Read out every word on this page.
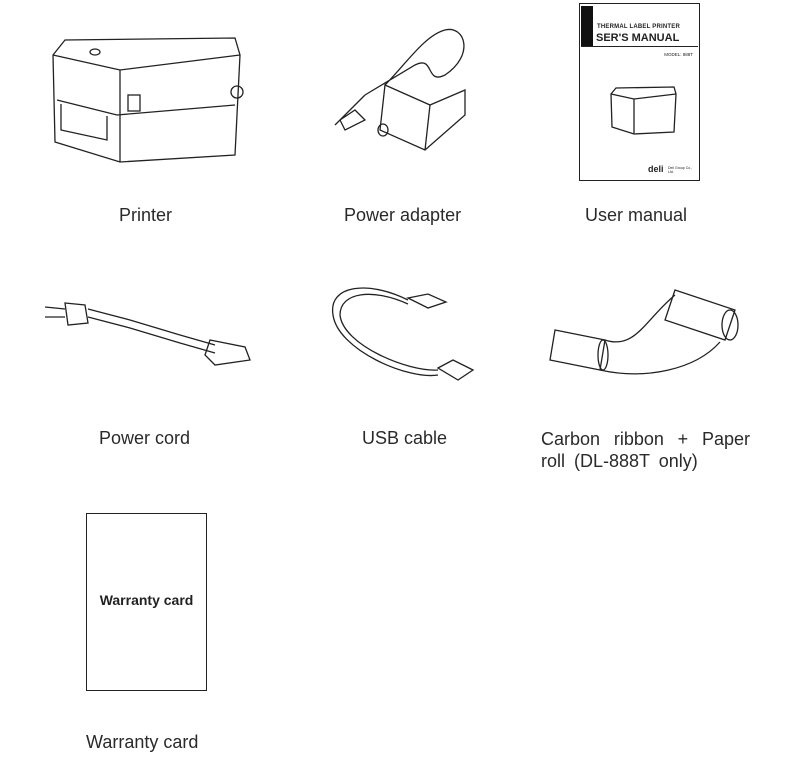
Printer	Power adapter
THERMAL LABEL PRINTER
SER'S MANUAL
MODEL: 888T
deli Deli Group Co., Ltd.
User manual
Power cord	USB cable	Carbon ribbon + Paper
roll (DL-888T only)
Warranty card
Warranty card
